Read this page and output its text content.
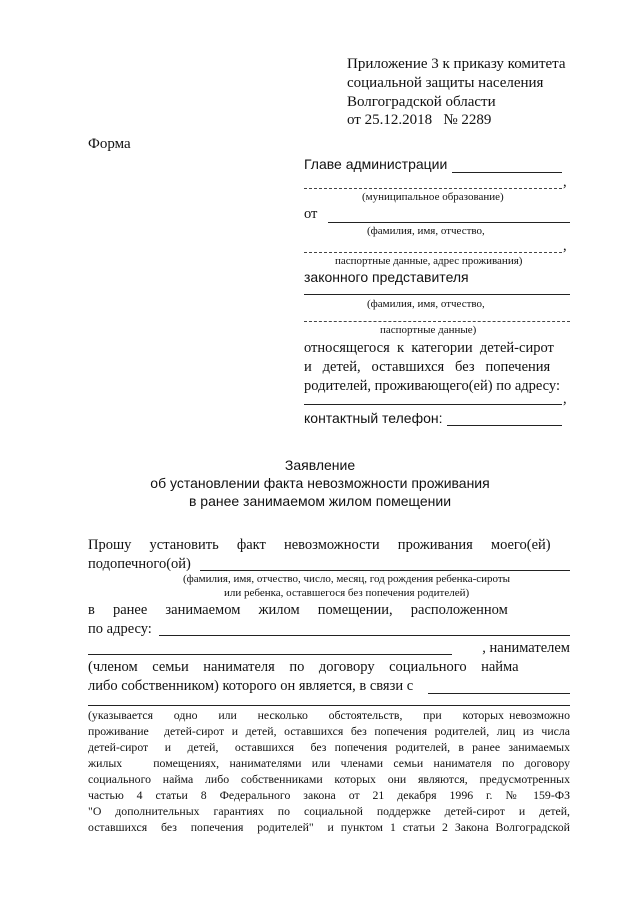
Приложение 3 к приказу комитета
социальной защиты населения
Волгоградской области
от 25.12.2018   № 2289
Форма
Главе администрации
,
(муниципальное образование)
от
(фамилия, имя, отчество,
,
паспортные данные, адрес проживания)
законного представителя
(фамилия, имя, отчество,
паспортные данные)
относящегося  к  категории  детей-сирот
и   детей,   оставшихся   без   попечения
родителей, проживающего(ей) по адресу:
,
контактный телефон:
Заявление
об установлении факта невозможности проживания
в ранее занимаемом жилом помещении
Прошу     установить     факт     невозможности     проживания     моего(ей)
подопечного(ой)
(фамилия, имя, отчество, число, месяц, год рождения ребенка-сироты
или ребенка, оставшегося без попечения родителей)
в     ранее     занимаемом     жилом     помещении,     расположенном
по адресу:
, нанимателем
(членом    семьи    нанимателя    по    договору    социального    найма
либо собственником) которого он является, в связи с
(указывается    одно    или    несколько    обстоятельств,    при    которых невозможно
проживание  детей-сирот и детей, оставшихся без попечения родителей, лиц из числа
детей-сирот  и  детей,  оставшихся  без попечения родителей, в ранее занимаемых
жилых   помещениях, нанимателями или членами семьи нанимателя по договору
социального найма либо собственниками которых они являются, предусмотренных
частью  4  статьи  8  Федерального  закона  от  21  декабря  1996  г.  №  159-ФЗ
"О  дополнительных  гарантиях  по  социальной  поддержке  детей-сирот  и  детей,
оставшихся  без  попечения  родителей"  и пунктом 1 статьи 2 Закона Волгоградской
